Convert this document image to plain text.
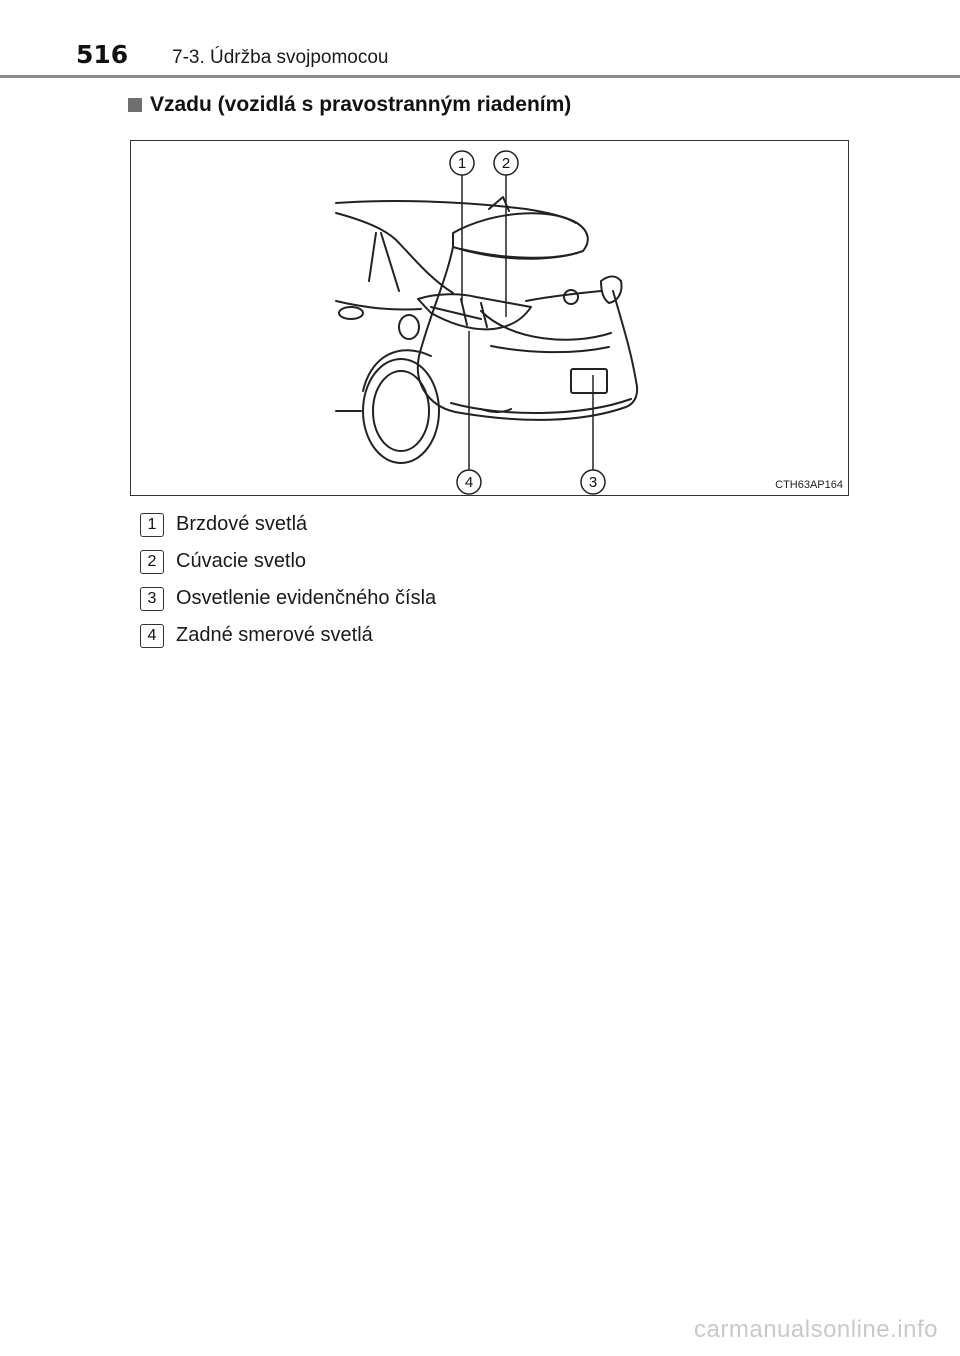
516 7-3. Údržba svojpomocou
Vzadu (vozidlá s pravostranným riadením)
1 2
3
4	CTH63AP164
1 Brzdové svetlá
2 Cúvacie svetlo
3 Osvetlenie evidenčného čísla
4 Zadné smerové svetlá
carmanualsonline.info
